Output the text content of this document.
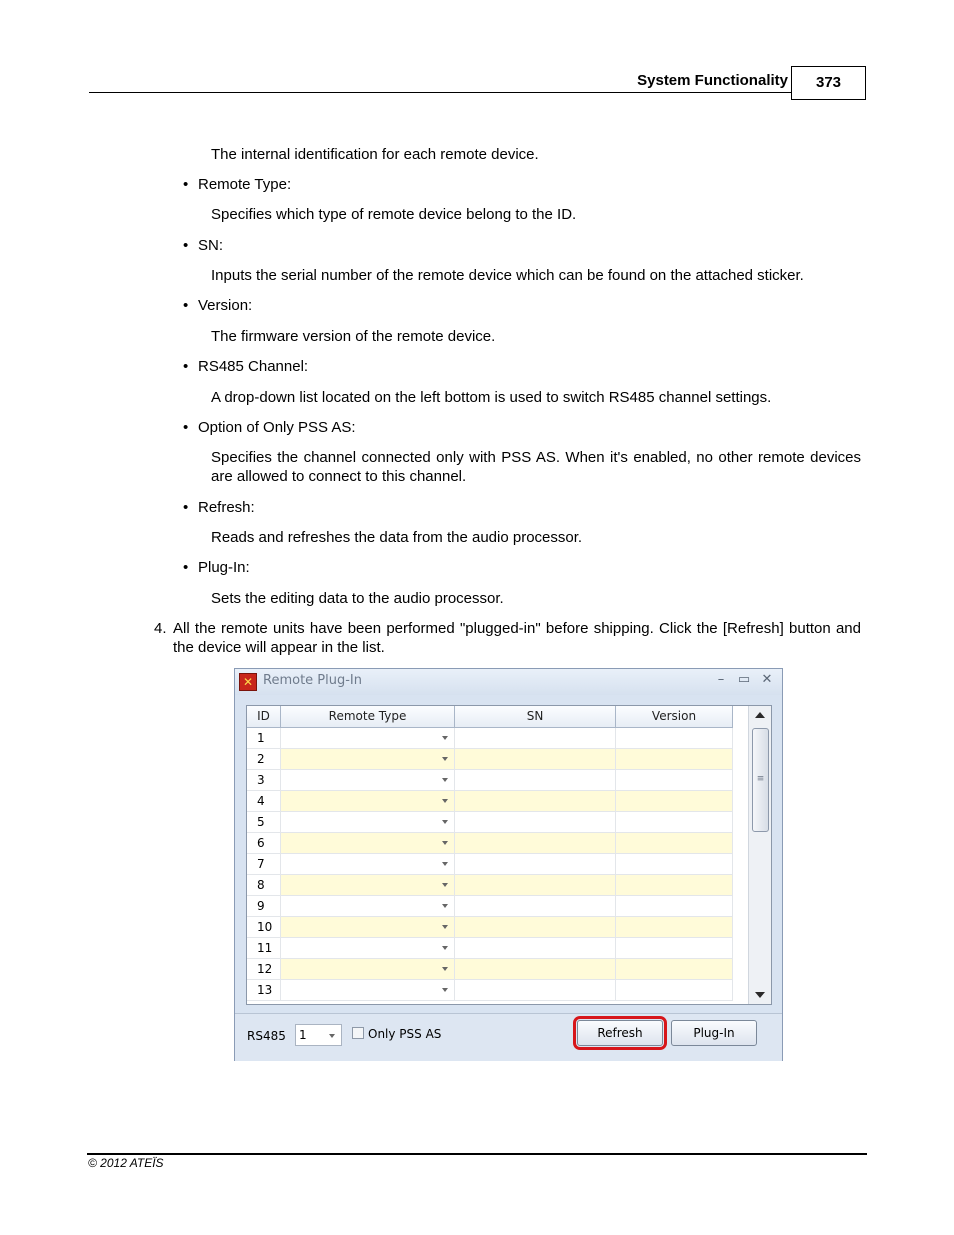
System Functionality	373
The internal identification for each remote device.
• Remote Type:
Specifies which type of remote device belong to the ID.
• SN:
Inputs the serial number of the remote device which can be found on the attached sticker.
• Version:
The firmware version of the remote device.
• RS485 Channel:
A drop-down list located on the left bottom is used to switch RS485 channel settings.
• Option of Only PSS AS:
Specifies the channel connected only with PSS AS. When it's enabled, no other remote devices are allowed to connect to this channel.
• Refresh:
Reads and refreshes the data from the audio processor.
• Plug-In:
Sets the editing data to the audio processor.
4. All the remote units have been performed "plugged-in" before shipping. Click the [Refresh] button and the device will appear in the list.
✕ Remote Plug-In	–	▭ ✕
ID	Remote Type	SN	Version
1
2
3
4
5
6
7
8
9
10
11
12
13
≡
RS485	1	Only PSS AS	Refresh	Plug-In
© 2012 ATEÏS
